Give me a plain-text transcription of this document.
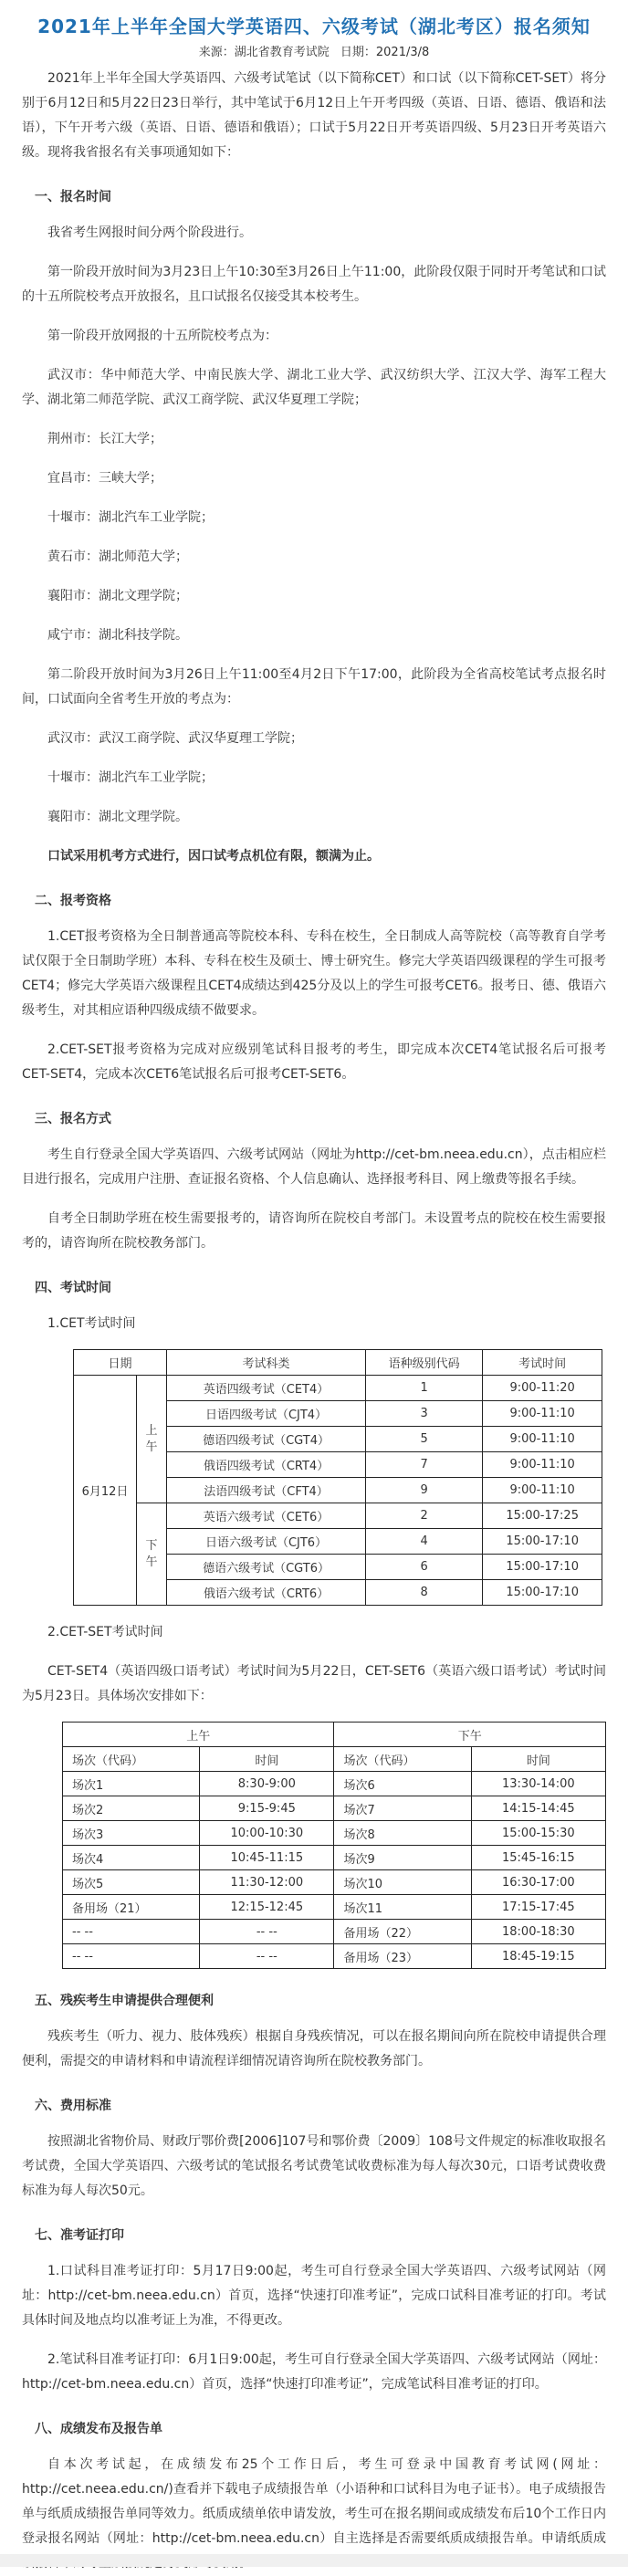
2021年上半年全国大学英语四、六级考试（湖北考区）报名须知
来源：湖北省教育考试院 日期：2021/3/8

2021年上半年全国大学英语四、六级考试笔试（以下简称CET）和口试（以下简称CET-SET）将分别于6月12日和5月22日23日举行，其中笔试于6月12日上午开考四级（英语、日语、德语、俄语和法语），下午开考六级（英语、日语、德语和俄语）；口试于5月22日开考英语四级、5月23日开考英语六级。现将我省报名有关事项通知如下：

一、报名时间

我省考生网报时间分两个阶段进行。

第一阶段开放时间为3月23日上午10:30至3月26日上午11:00，此阶段仅限于同时开考笔试和口试的十五所院校考点开放报名，且口试报名仅接受其本校考生。

第一阶段开放网报的十五所院校考点为：

武汉市：华中师范大学、中南民族大学、湖北工业大学、武汉纺织大学、江汉大学、海军工程大学、湖北第二师范学院、武汉工商学院、武汉华夏理工学院；

荆州市：长江大学；

宜昌市：三峡大学；

十堰市：湖北汽车工业学院；

黄石市：湖北师范大学；

襄阳市：湖北文理学院；

咸宁市：湖北科技学院。

第二阶段开放时间为3月26日上午11:00至4月2日下午17:00，此阶段为全省高校笔试考点报名时间，口试面向全省考生开放的考点为：

武汉市：武汉工商学院、武汉华夏理工学院；

十堰市：湖北汽车工业学院；

襄阳市：湖北文理学院。

口试采用机考方式进行，因口试考点机位有限，额满为止。

二、报考资格

1.CET报考资格为全日制普通高等院校本科、专科在校生，全日制成人高等院校（高等教育自学考试仅限于全日制助学班）本科、专科在校生及硕士、博士研究生。修完大学英语四级课程的学生可报考CET4；修完大学英语六级课程且CET4成绩达到425分及以上的学生可报考CET6。报考日、德、俄语六级考生，对其相应语种四级成绩不做要求。

2.CET-SET报考资格为完成对应级别笔试科目报考的考生，即完成本次CET4笔试报名后可报考CET-SET4，完成本次CET6笔试报名后可报考CET-SET6。

三、报名方式

考生自行登录全国大学英语四、六级考试网站（网址为http://cet-bm.neea.edu.cn），点击相应栏目进行报名，完成用户注册、查证报名资格、个人信息确认、选择报考科目、网上缴费等报名手续。

自考全日制助学班在校生需要报考的，请咨询所在院校自考部门。未设置考点的院校在校生需要报考的，请咨询所在院校教务部门。

四、考试时间

1.CET考试时间

日期		考试科类	语种级别代码	考试时间
6月12日	上午	英语四级考试（CET4）	1	9:00-11:20
		日语四级考试（CJT4）	3	9:00-11:10
		德语四级考试（CGT4）	5	9:00-11:10
		俄语四级考试（CRT4）	7	9:00-11:10
		法语四级考试（CFT4）	9	9:00-11:10
	下午	英语六级考试（CET6）	2	15:00-17:25
		日语六级考试（CJT6）	4	15:00-17:10
		德语六级考试（CGT6）	6	15:00-17:10
		俄语六级考试（CRT6）	8	15:00-17:10

2.CET-SET考试时间

CET-SET4（英语四级口语考试）考试时间为5月22日，CET-SET6（英语六级口语考试）考试时间为5月23日。具体场次安排如下：

上午		下午	
场次（代码）	时间	场次（代码）	时间
场次1	8:30-9:00	场次6	13:30-14:00
场次2	9:15-9:45	场次7	14:15-14:45
场次3	10:00-10:30	场次8	15:00-15:30
场次4	10:45-11:15	场次9	15:45-16:15
场次5	11:30-12:00	场次10	16:30-17:00
备用场（21）	12:15-12:45	场次11	17:15-17:45
-- --	-- --	备用场（22）	18:00-18:30
-- --	-- --	备用场（23）	18:45-19:15
五、残疾考生申请提供合理便利

残疾考生（听力、视力、肢体残疾）根据自身残疾情况，可以在报名期间向所在院校申请提供合理便利，需提交的申请材料和申请流程详细情况请咨询所在院校教务部门。

六、费用标准

按照湖北省物价局、财政厅鄂价费[2006]107号和鄂价费〔2009〕108号文件规定的标准收取报名考试费，全国大学英语四、六级考试的笔试报名考试费笔试收费标准为每人每次30元，口语考试费收费标准为每人每次50元。

七、准考证打印

1.口试科目准考证打印：5月17日9:00起，考生可自行登录全国大学英语四、六级考试网站（网址：http://cet-bm.neea.edu.cn）首页，选择“快速打印准考证”，完成口试科目准考证的打印。考试具体时间及地点均以准考证上为准，不得更改。

2.笔试科目准考证打印：6月1日9:00起，考生可自行登录全国大学英语四、六级考试网站（网址：http://cet-bm.neea.edu.cn）首页，选择“快速打印准考证”，完成笔试科目准考证的打印。

八、成绩发布及报告单

自本次考试起，在成绩发布25个工作日后，考生可登录中国教育考试网(网址：http://cet.neea.edu.cn/)查看并下载电子成绩报告单（小语种和口试科目为电子证书）。电子成绩报告单与纸质成绩报告单同等效力。纸质成绩单依申请发放，考生可在报名期间或成绩发布后10个工作日内登录报名网站（网址：http://cet-bm.neea.edu.cn）自主选择是否需要纸质成绩报告单。申请纸质成
